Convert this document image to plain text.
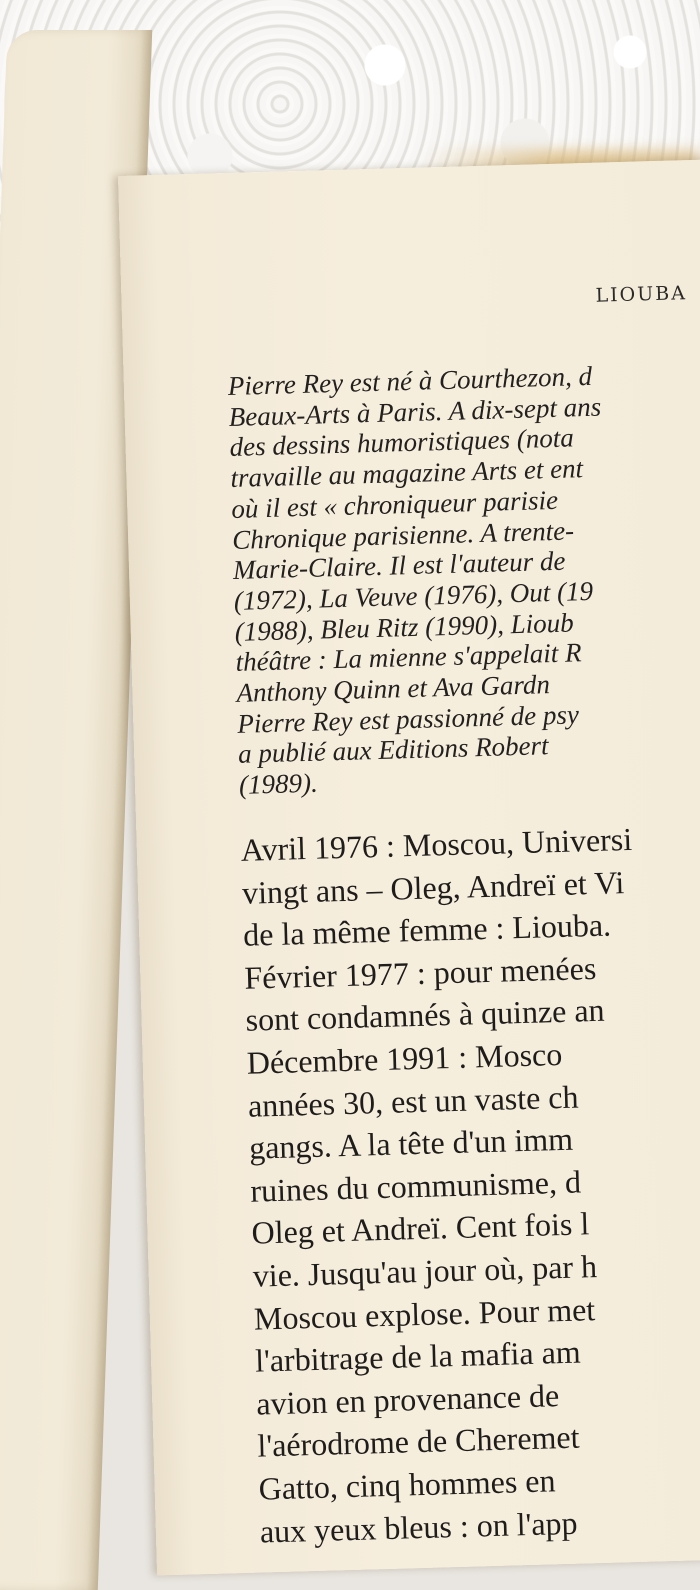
LIOUBA
Pierre Rey est né à Courthezon, d
Beaux-Arts à Paris. A dix-sept ans
des dessins humoristiques (nota
travaille au magazine Arts et ent
où il est « chroniqueur parisie
Chronique parisienne. A trente-
Marie-Claire. Il est l'auteur de
(1972), La Veuve (1976), Out (19
(1988), Bleu Ritz (1990), Lioub
théâtre : La mienne s'appelait R
Anthony Quinn et Ava Gardn
Pierre Rey est passionné de psy
a publié aux Editions Robert
(1989).
Avril 1976 : Moscou, Universi
vingt ans – Oleg, Andreï et Vi
de la même femme : Liouba.
Février 1977 : pour menées
sont condamnés à quinze an
Décembre 1991 : Mosco
années 30, est un vaste ch
gangs. A la tête d'un imm
ruines du communisme, d
Oleg et Andreï. Cent fois l
vie. Jusqu'au jour où, par h
Moscou explose. Pour met
l'arbitrage de la mafia am
avion en provenance de
l'aérodrome de Cheremet
Gatto, cinq hommes en
aux yeux bleus : on l'app
